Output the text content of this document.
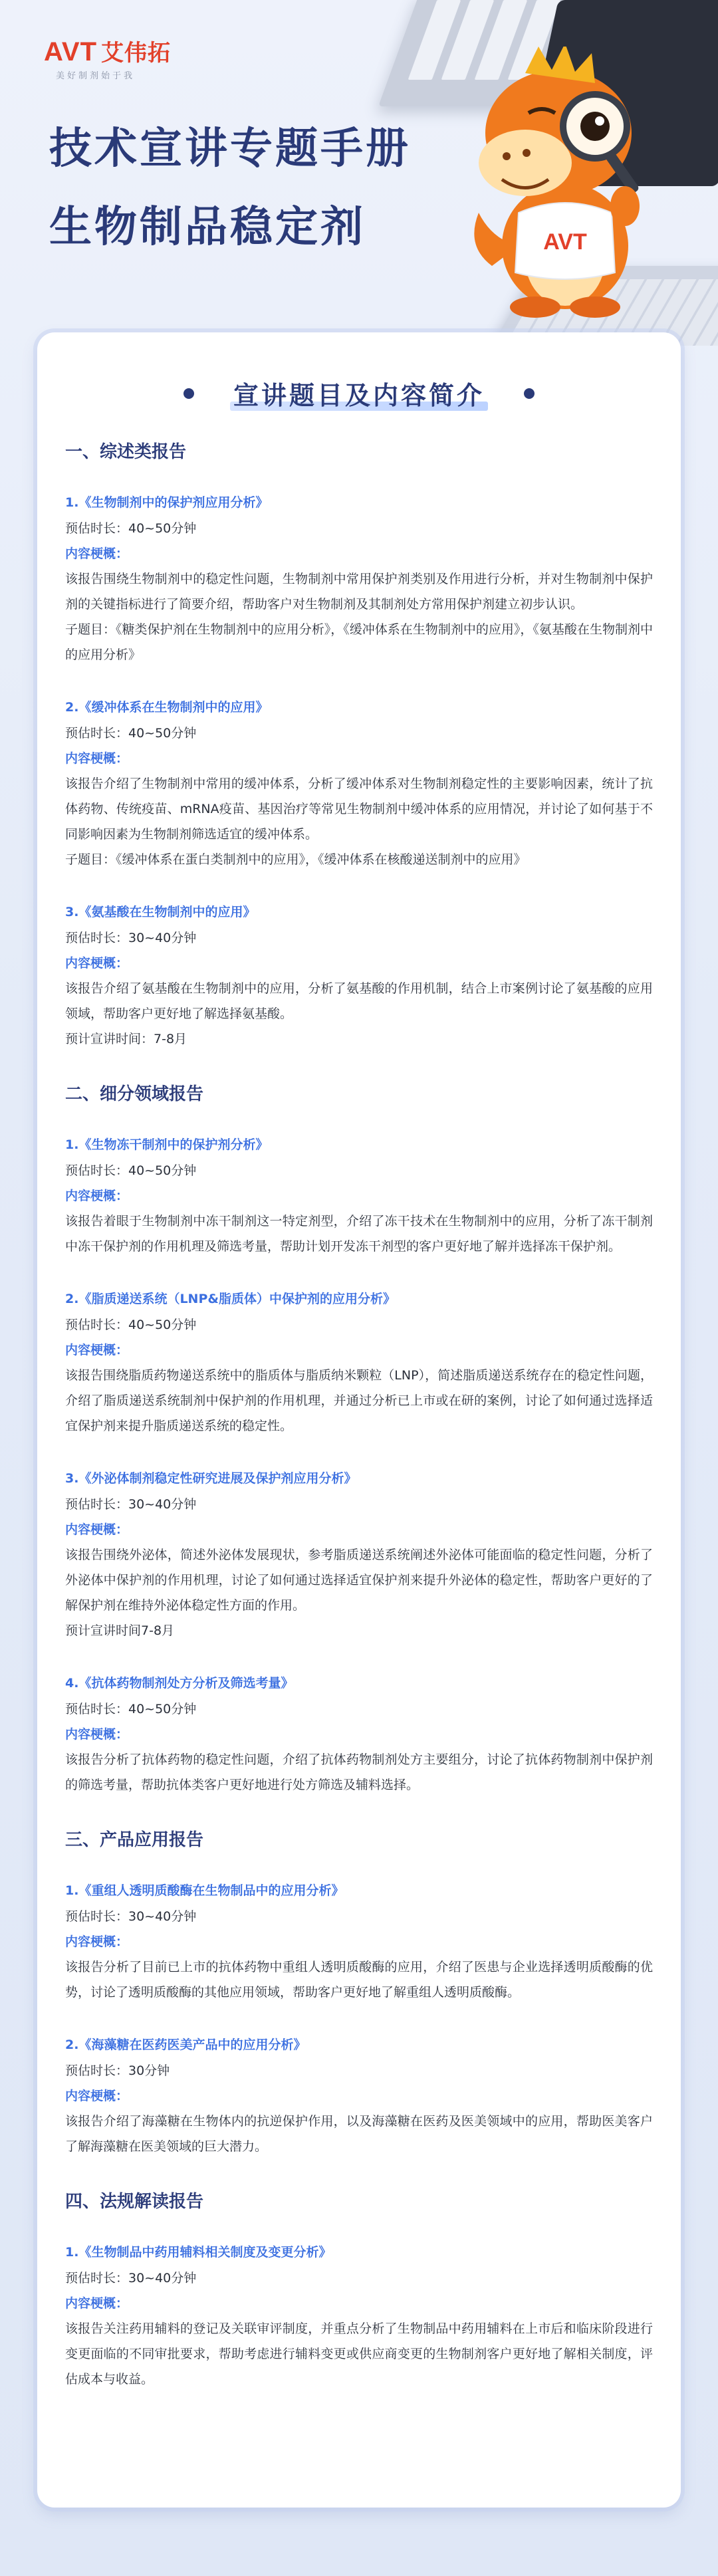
AVT 艾伟拓
美好制剂始于我
技术宣讲专题手册
生物制品稳定剂	AVT
宣讲题目及内容简介
一、综述类报告
1.《生物制剂中的保护剂应用分析》
预估时长：40~50分钟
内容梗概：
该报告围绕生物制剂中的稳定性问题，生物制剂中常用保护剂类别及作用进行分析，并对生物制剂中保护剂的关键指标进行了简要介绍，帮助客户对生物制剂及其制剂处方常用保护剂建立初步认识。
子题目：《糖类保护剂在生物制剂中的应用分析》，《缓冲体系在生物制剂中的应用》，《氨基酸在生物制剂中的应用分析》
2.《缓冲体系在生物制剂中的应用》
预估时长：40~50分钟
内容梗概：
该报告介绍了生物制剂中常用的缓冲体系，分析了缓冲体系对生物制剂稳定性的主要影响因素，统计了抗体药物、传统疫苗、mRNA疫苗、基因治疗等常见生物制剂中缓冲体系的应用情况，并讨论了如何基于不同影响因素为生物制剂筛选适宜的缓冲体系。
子题目：《缓冲体系在蛋白类制剂中的应用》，《缓冲体系在核酸递送制剂中的应用》
3.《氨基酸在生物制剂中的应用》
预估时长：30~40分钟
内容梗概：
该报告介绍了氨基酸在生物制剂中的应用，分析了氨基酸的作用机制，结合上市案例讨论了氨基酸的应用领域，帮助客户更好地了解选择氨基酸。
预计宣讲时间：7-8月
二、细分领域报告
1.《生物冻干制剂中的保护剂分析》
预估时长：40~50分钟
内容梗概：
该报告着眼于生物制剂中冻干制剂这一特定剂型，介绍了冻干技术在生物制剂中的应用，分析了冻干制剂中冻干保护剂的作用机理及筛选考量，帮助计划开发冻干剂型的客户更好地了解并选择冻干保护剂。
2.《脂质递送系统（LNP&脂质体）中保护剂的应用分析》
预估时长：40~50分钟
内容梗概：
该报告围绕脂质药物递送系统中的脂质体与脂质纳米颗粒（LNP），简述脂质递送系统存在的稳定性问题，介绍了脂质递送系统制剂中保护剂的作用机理，并通过分析已上市或在研的案例，讨论了如何通过选择适宜保护剂来提升脂质递送系统的稳定性。
3.《外泌体制剂稳定性研究进展及保护剂应用分析》
预估时长：30~40分钟
内容梗概：
该报告围绕外泌体，简述外泌体发展现状，参考脂质递送系统阐述外泌体可能面临的稳定性问题，分析了外泌体中保护剂的作用机理，讨论了如何通过选择适宜保护剂来提升外泌体的稳定性，帮助客户更好的了解保护剂在维持外泌体稳定性方面的作用。
预计宣讲时间7-8月
4.《抗体药物制剂处方分析及筛选考量》
预估时长：40~50分钟
内容梗概：
该报告分析了抗体药物的稳定性问题，介绍了抗体药物制剂处方主要组分，讨论了抗体药物制剂中保护剂的筛选考量，帮助抗体类客户更好地进行处方筛选及辅料选择。
三、产品应用报告
1.《重组人透明质酸酶在生物制品中的应用分析》
预估时长：30~40分钟
内容梗概：
该报告分析了目前已上市的抗体药物中重组人透明质酸酶的应用，介绍了医患与企业选择透明质酸酶的优势，讨论了透明质酸酶的其他应用领域，帮助客户更好地了解重组人透明质酸酶。
2.《海藻糖在医药医美产品中的应用分析》
预估时长：30分钟
内容梗概：
该报告介绍了海藻糖在生物体内的抗逆保护作用，以及海藻糖在医药及医美领域中的应用，帮助医美客户了解海藻糖在医美领域的巨大潜力。
四、法规解读报告
1.《生物制品中药用辅料相关制度及变更分析》
预估时长：30~40分钟
内容梗概：
该报告关注药用辅料的登记及关联审评制度，并重点分析了生物制品中药用辅料在上市后和临床阶段进行变更面临的不同审批要求，帮助考虑进行辅料变更或供应商变更的生物制剂客户更好地了解相关制度，评估成本与收益。
